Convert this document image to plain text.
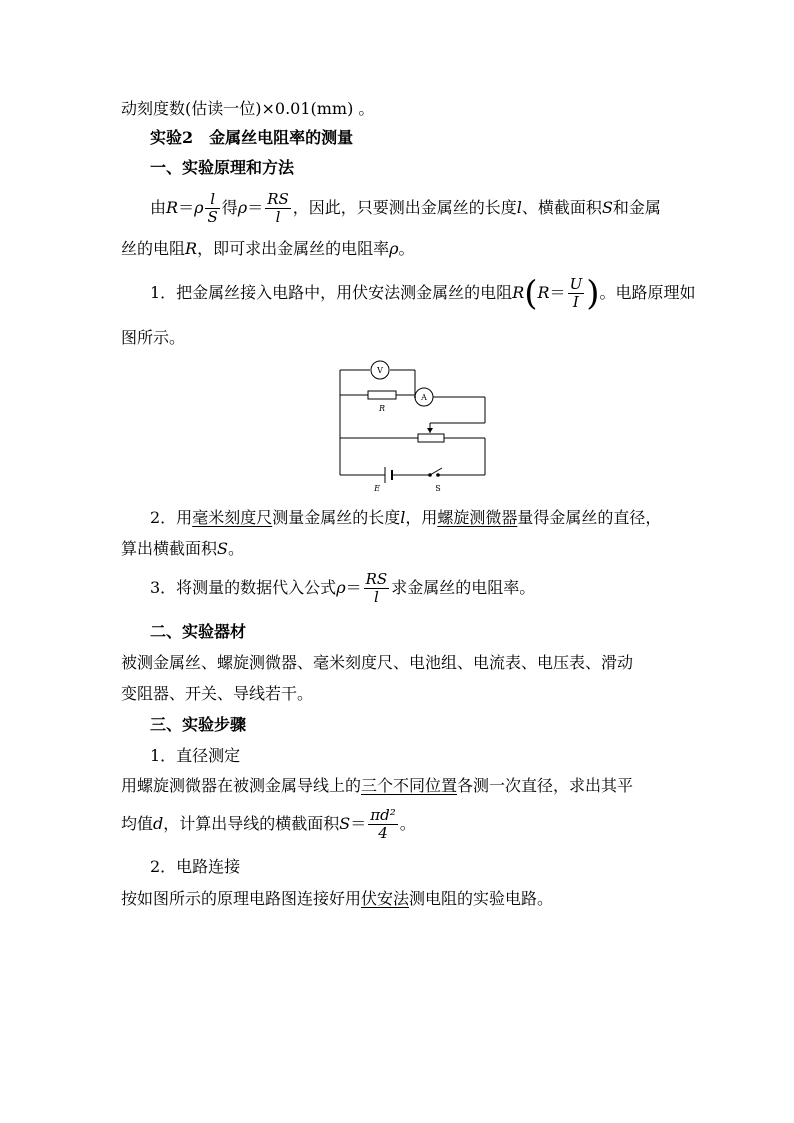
动刻度数(估读一位)×0.01(mm) 。
实验2　金属丝电阻率的测量
一、实验原理和方法
由$R=\rho \frac{l}{S}$ 得$\rho= \frac{RS}{l}$ ，因此，只要测出金属丝的长度l、横截面积S和金属
丝的电阻R，即可求出金属丝的电阻率ρ。
1．把金属丝接入电路中，用伏安法测金属丝的电阻$R(R= \frac{U}{I}$ )。电路原理如
图所示。
V
A
R
E	S
2．用毫米刻度尺测量金属丝的长度l，用螺旋测微器量得金属丝的直径，
算出横截面积S。
3．将测量的数据代入公式$\rho= \frac{RS}{l}$ 求金属丝的电阻率。
二、实验器材
被测金属丝、螺旋测微器、毫米刻度尺、电池组、电流表、电压表、滑动
变阻器、开关、导线若干。
三、实验步骤
1．直径测定
用螺旋测微器在被测金属导线上的三个不同位置各测一次直径，求出其平
均值d，计算出导线的横截面积$S= \frac{\text{πd²}}{4}$ 。
2．电路连接
按如图所示的原理电路图连接好用伏安法测电阻的实验电路。
